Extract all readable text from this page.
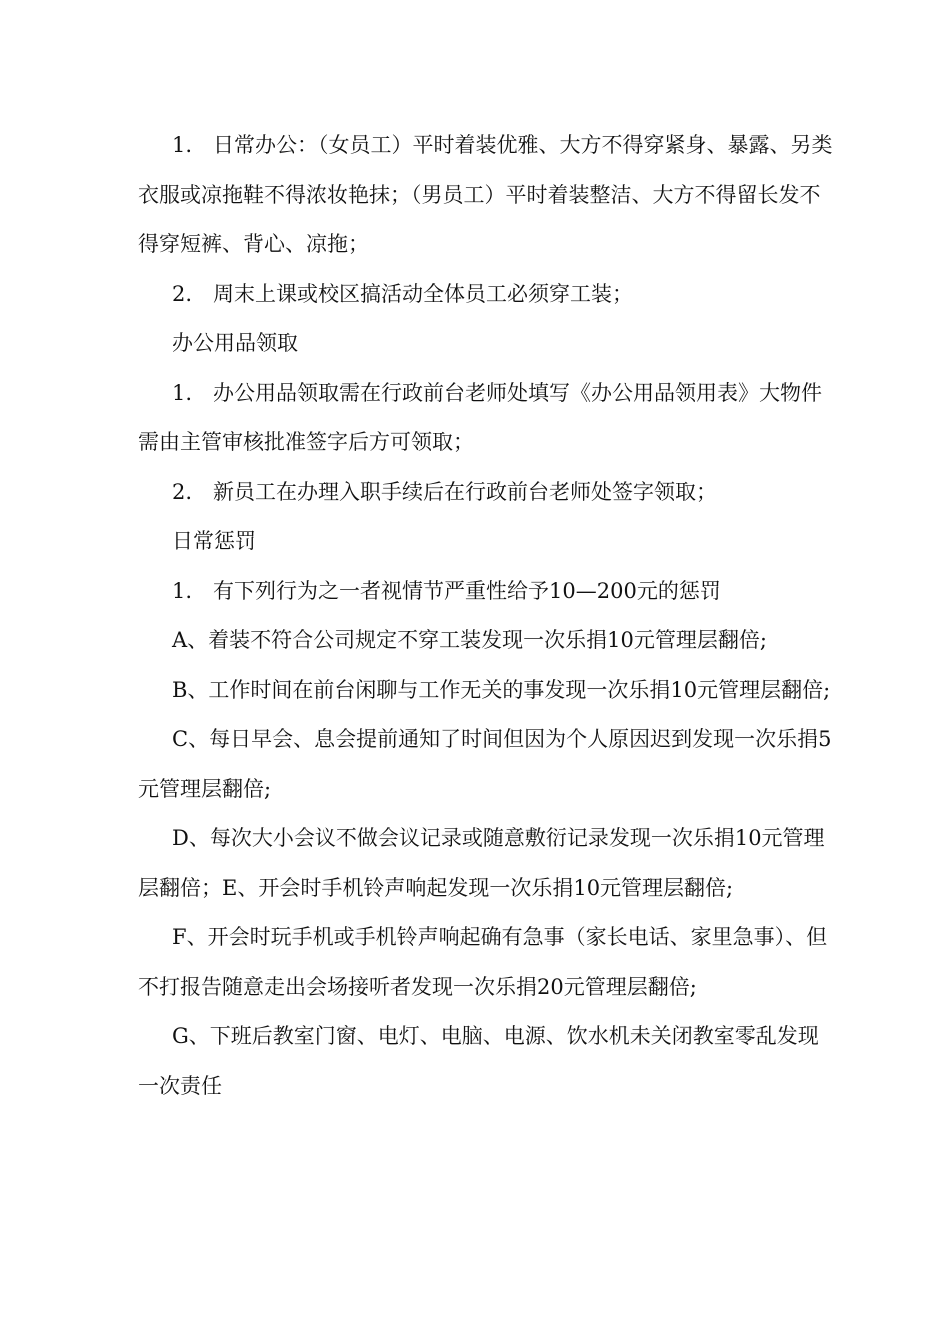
1.　日常办公：（女员工）平时着装优雅、大方不得穿紧身、暴露、另类衣服或凉拖鞋不得浓妆艳抹；（男员工）平时着装整洁、大方不得留长发不得穿短裤、背心、凉拖；

2.　周末上课或校区搞活动全体员工必须穿工装；

办公用品领取

1.　办公用品领取需在行政前台老师处填写《办公用品领用表》大物件需由主管审核批准签字后方可领取；

2.　新员工在办理入职手续后在行政前台老师处签字领取；

日常惩罚

1.　有下列行为之一者视情节严重性给予10—200元的惩罚

A、着装不符合公司规定不穿工装发现一次乐捐10元管理层翻倍;

B、工作时间在前台闲聊与工作无关的事发现一次乐捐10元管理层翻倍;

C、每日早会、息会提前通知了时间但因为个人原因迟到发现一次乐捐5元管理层翻倍;

D、每次大小会议不做会议记录或随意敷衍记录发现一次乐捐10元管理层翻倍；E、开会时手机铃声响起发现一次乐捐10元管理层翻倍;

F、开会时玩手机或手机铃声响起确有急事（家长电话、家里急事）、但不打报告随意走出会场接听者发现一次乐捐20元管理层翻倍;

G、下班后教室门窗、电灯、电脑、电源、饮水机未关闭教室零乱发现一次责任
